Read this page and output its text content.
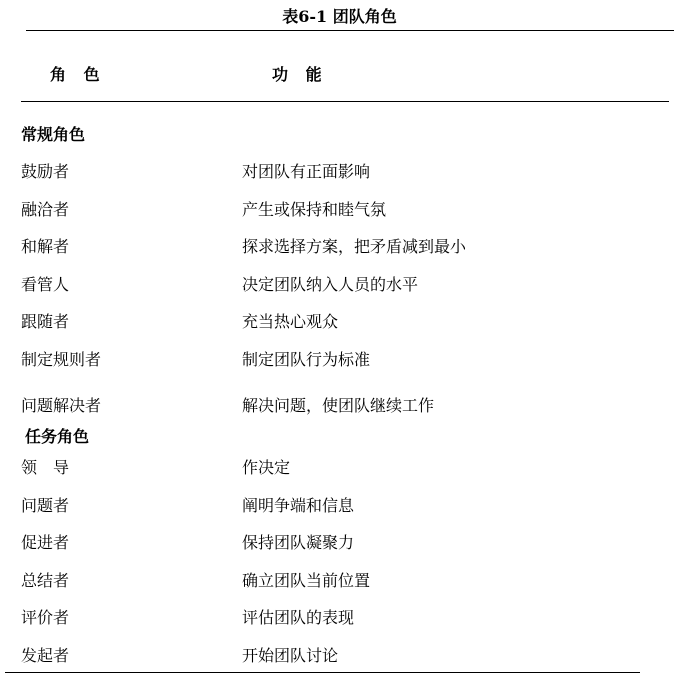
表6-1 团队角色
角 色	功 能
常规角色
鼓励者	对团队有正面影响
融洽者	产生或保持和睦气氛
和解者	探求选择方案，把矛盾减到最小
看管人	决定团队纳入人员的水平
跟随者	充当热心观众
制定规则者	制定团队行为标准
问题解决者	解决问题，使团队继续工作
任务角色
领　导	作决定
问题者	阐明争端和信息
促进者	保持团队凝聚力
总结者	确立团队当前位置
评价者	评估团队的表现
发起者	开始团队讨论
